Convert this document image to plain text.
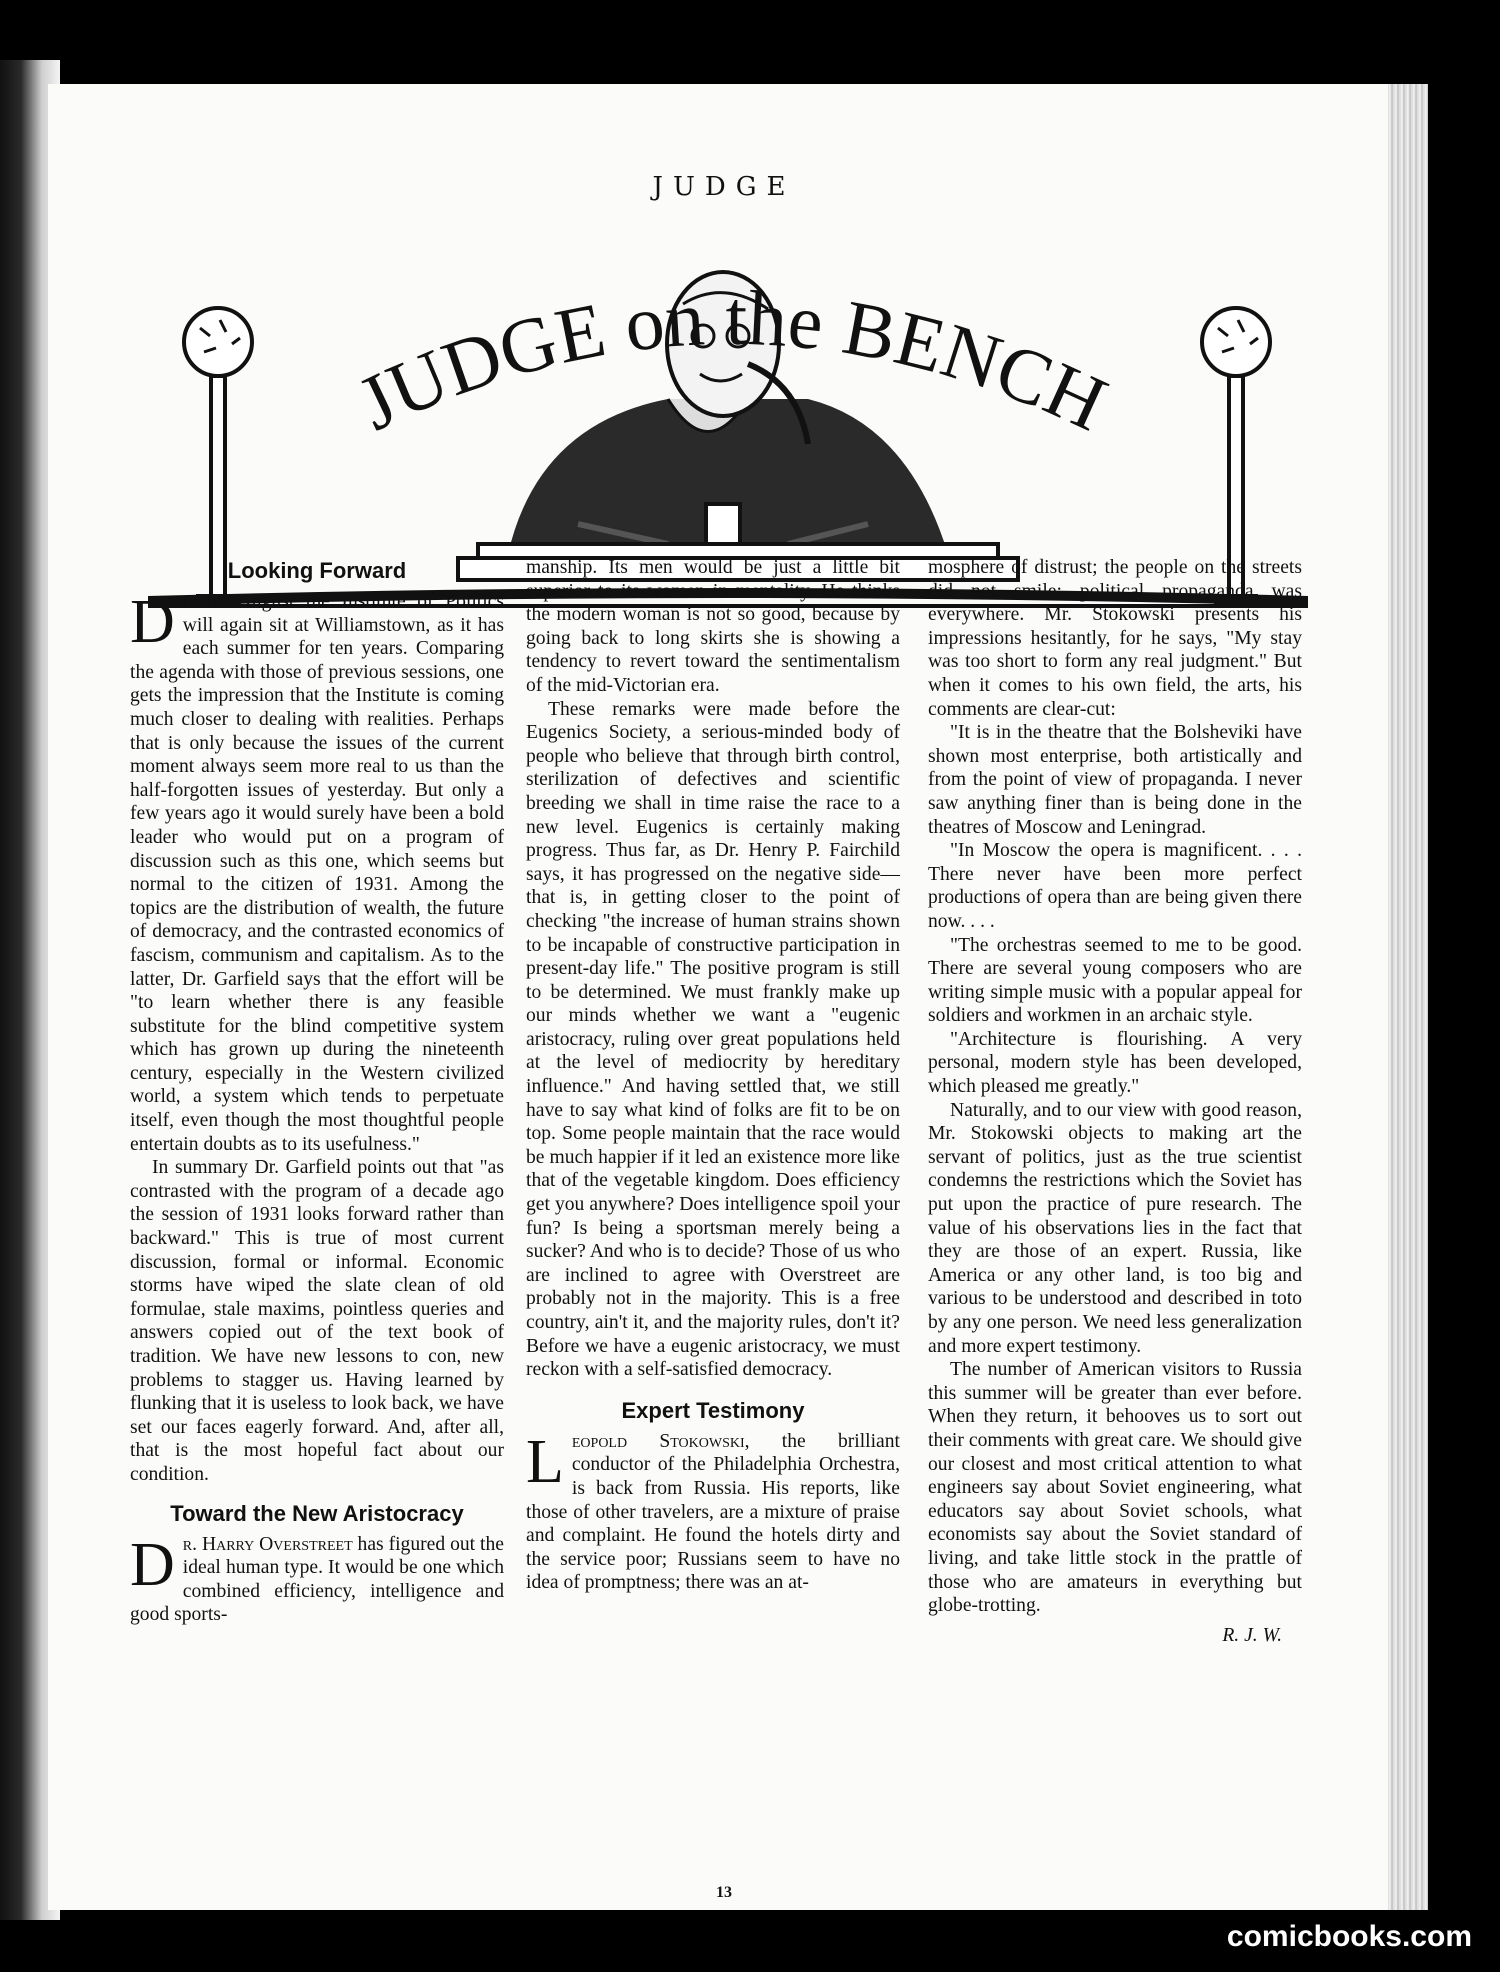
JUDGE
JUDGE on the BENCH
Looking Forward

During August the Institute of Politics will again sit at Williamstown, as it has each summer for ten years. Comparing the agenda with those of previous sessions, one gets the impression that the Institute is coming much closer to dealing with realities. Perhaps that is only because the issues of the current moment always seem more real to us than the half-forgotten issues of yesterday. But only a few years ago it would surely have been a bold leader who would put on a program of discussion such as this one, which seems but normal to the citizen of 1931. Among the topics are the distribution of wealth, the future of democracy, and the contrasted economics of fascism, communism and capitalism. As to the latter, Dr. Garfield says that the effort will be "to learn whether there is any feasible substitute for the blind competitive system which has grown up during the nineteenth century, especially in the Western civilized world, a system which tends to perpetuate itself, even though the most thoughtful people entertain doubts as to its usefulness."

In summary Dr. Garfield points out that "as contrasted with the program of a decade ago the session of 1931 looks forward rather than backward." This is true of most current discussion, formal or informal. Economic storms have wiped the slate clean of old formulae, stale maxims, pointless queries and answers copied out of the text book of tradition. We have new lessons to con, new problems to stagger us. Having learned by flunking that it is useless to look back, we have set our faces eagerly forward. And, after all, that is the most hopeful fact about our condition.

Toward the New Aristocracy

Dr. Harry Overstreet has figured out the ideal human type. It would be one which combined efficiency, intelligence and good sports-

manship. Its men would be just a little bit superior to its women in mentality. He thinks the modern woman is not so good, because by going back to long skirts she is showing a tendency to revert toward the sentimentalism of the mid-Victorian era.

These remarks were made before the Eugenics Society, a serious-minded body of people who believe that through birth control, sterilization of defectives and scientific breeding we shall in time raise the race to a new level. Eugenics is certainly making progress. Thus far, as Dr. Henry P. Fairchild says, it has progressed on the negative side—that is, in getting closer to the point of checking "the increase of human strains shown to be incapable of constructive participation in present-day life." The positive program is still to be determined. We must frankly make up our minds whether we want a "eugenic aristocracy, ruling over great populations held at the level of mediocrity by hereditary influence." And having settled that, we still have to say what kind of folks are fit to be on top. Some people maintain that the race would be much happier if it led an existence more like that of the vegetable kingdom. Does efficiency get you anywhere? Does intelligence spoil your fun? Is being a sportsman merely being a sucker? And who is to decide? Those of us who are inclined to agree with Overstreet are probably not in the majority. This is a free country, ain't it, and the majority rules, don't it? Before we have a eugenic aristocracy, we must reckon with a self-satisfied democracy.

Expert Testimony

Leopold Stokowski, the brilliant conductor of the Philadelphia Orchestra, is back from Russia. His reports, like those of other travelers, are a mixture of praise and complaint. He found the hotels dirty and the service poor; Russians seem to have no idea of promptness; there was an at-

mosphere of distrust; the people on the streets did not smile; political propaganda was everywhere. Mr. Stokowski presents his impressions hesitantly, for he says, "My stay was too short to form any real judgment." But when it comes to his own field, the arts, his comments are clear-cut:

"It is in the theatre that the Bolsheviki have shown most enterprise, both artistically and from the point of view of propaganda. I never saw anything finer than is being done in the theatres of Moscow and Leningrad.

"In Moscow the opera is magnificent. . . . There never have been more perfect productions of opera than are being given there now. . . .

"The orchestras seemed to me to be good. There are several young composers who are writing simple music with a popular appeal for soldiers and workmen in an archaic style.

"Architecture is flourishing. A very personal, modern style has been developed, which pleased me greatly."

Naturally, and to our view with good reason, Mr. Stokowski objects to making art the servant of politics, just as the true scientist condemns the restrictions which the Soviet has put upon the practice of pure research. The value of his observations lies in the fact that they are those of an expert. Russia, like America or any other land, is too big and various to be understood and described in toto by any one person. We need less generalization and more expert testimony.

The number of American visitors to Russia this summer will be greater than ever before. When they return, it behooves us to sort out their comments with great care. We should give our closest and most critical attention to what engineers say about Soviet engineering, what educators say about Soviet schools, what economists say about the Soviet standard of living, and take little stock in the prattle of those who are amateurs in everything but globe-trotting.

R. J. W.
13
comicbooks.com
